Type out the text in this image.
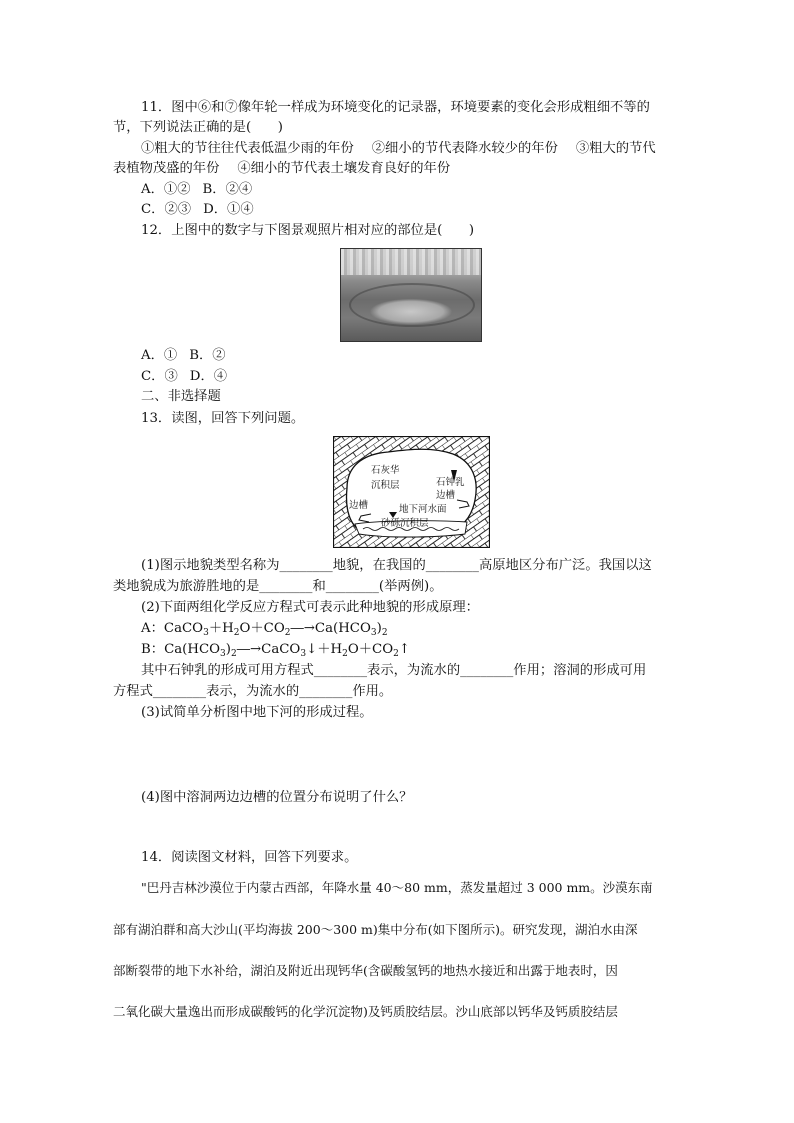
11．图中⑥和⑦像年轮一样成为环境变化的记录器，环境要素的变化会形成粗细不等的
节，下列说法正确的是(　　)
①粗大的节往往代表低温少雨的年份 ②细小的节代表降水较少的年份 ③粗大的节代
表植物茂盛的年份 ④细小的节代表土壤发育良好的年份
A．①② B．②④
C．②③ D．①④
12．上图中的数字与下图景观照片相对应的部位是(　　)
A．① B．②
C．③ D．④
二、非选择题
13．读图，回答下列问题。
石灰华
沉积层	石钟乳
边槽
边槽	地下河水面
砂砾沉积层
(1)图示地貌类型名称为________地貌，在我国的________高原地区分布广泛。我国以这
类地貌成为旅游胜地的是________和________(举两例)。
(2)下面两组化学反应方程式可表示此种地貌的形成原理：
A：$CaCO_3+H_2O+CO_2―\to Ca(HCO_3)_2$
B：$Ca(HCO_3)_2―\to CaCO_3↓+H_2O+CO_2↑$
其中石钟乳的形成可用方程式________表示，为流水的________作用；溶洞的形成可用
方程式________表示，为流水的________作用。
(3)试简单分析图中地下河的形成过程。
(4)图中溶洞两边边槽的位置分布说明了什么？
14．阅读图文材料，回答下列要求。
"巴丹吉林沙漠位于内蒙古西部，年降水量 40～80 mm，蒸发量超过 3 000 mm。沙漠东南
部有湖泊群和高大沙山(平均海拔 200～300 m)集中分布(如下图所示)。研究发现，湖泊水由深
部断裂带的地下水补给，湖泊及附近出现钙华(含碳酸氢钙的地热水接近和出露于地表时，因
二氧化碳大量逸出而形成碳酸钙的化学沉淀物)及钙质胶结层。沙山底部以钙华及钙质胶结层
